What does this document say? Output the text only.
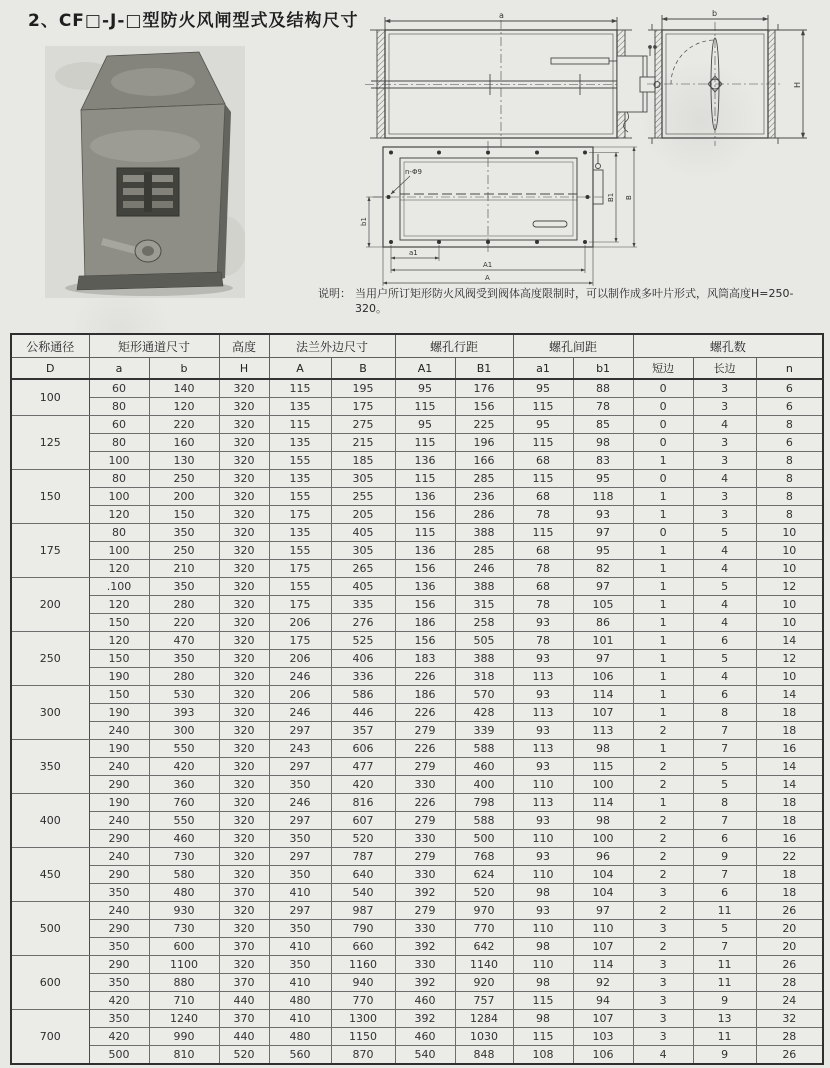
2、CF□-J-□型防火风闸型式及结构尺寸	a	b
H
n-Φ9
b1
a1
A1
A
B1 B
说明： 当用户所订矩形防火风阀受到阀体高度限制时，可以制作成多叶片形式，风筒高度H=250-320。
公称通径	矩形通道尺寸		高度	法兰外边尺寸		螺孔行距		螺孔间距		螺孔数		
D	a	b	H	A	B	A1	B1	a1	b1	短边	长边	n
100	60	140	320	115	195	95	176	95	88	0	3	6
	80	120	320	135	175	115	156	115	78	0	3	6
125	60	220	320	115	275	95	225	95	85	0	4	8
	80	160	320	135	215	115	196	115	98	0	3	6
	100	130	320	155	185	136	166	68	83	1	3	8
150	80	250	320	135	305	115	285	115	95	0	4	8
	100	200	320	155	255	136	236	68	118	1	3	8
	120	150	320	175	205	156	286	78	93	1	3	8
175	80	350	320	135	405	115	388	115	97	0	5	10
	100	250	320	155	305	136	285	68	95	1	4	10
	120	210	320	175	265	156	246	78	82	1	4	10
200	.100	350	320	155	405	136	388	68	97	1	5	12
	120	280	320	175	335	156	315	78	105	1	4	10
	150	220	320	206	276	186	258	93	86	1	4	10
250	120	470	320	175	525	156	505	78	101	1	6	14
	150	350	320	206	406	183	388	93	97	1	5	12
	190	280	320	246	336	226	318	113	106	1	4	10
300	150	530	320	206	586	186	570	93	114	1	6	14
	190	393	320	246	446	226	428	113	107	1	8	18
	240	300	320	297	357	279	339	93	113	2	7	18
350	190	550	320	243	606	226	588	113	98	1	7	16
	240	420	320	297	477	279	460	93	115	2	5	14
	290	360	320	350	420	330	400	110	100	2	5	14
400	190	760	320	246	816	226	798	113	114	1	8	18
	240	550	320	297	607	279	588	93	98	2	7	18
	290	460	320	350	520	330	500	110	100	2	6	16
450	240	730	320	297	787	279	768	93	96	2	9	22
	290	580	320	350	640	330	624	110	104	2	7	18
	350	480	370	410	540	392	520	98	104	3	6	18
500	240	930	320	297	987	279	970	93	97	2	11	26
	290	730	320	350	790	330	770	110	110	3	5	20
	350	600	370	410	660	392	642	98	107	2	7	20
600	290	1100	320	350	1160	330	1140	110	114	3	11	26
	350	880	370	410	940	392	920	98	92	3	11	28
	420	710	440	480	770	460	757	115	94	3	9	24
700	350	1240	370	410	1300	392	1284	98	107	3	13	32
	420	990	440	480	1150	460	1030	115	103	3	11	28
	500	810	520	560	870	540	848	108	106	4	9	26
